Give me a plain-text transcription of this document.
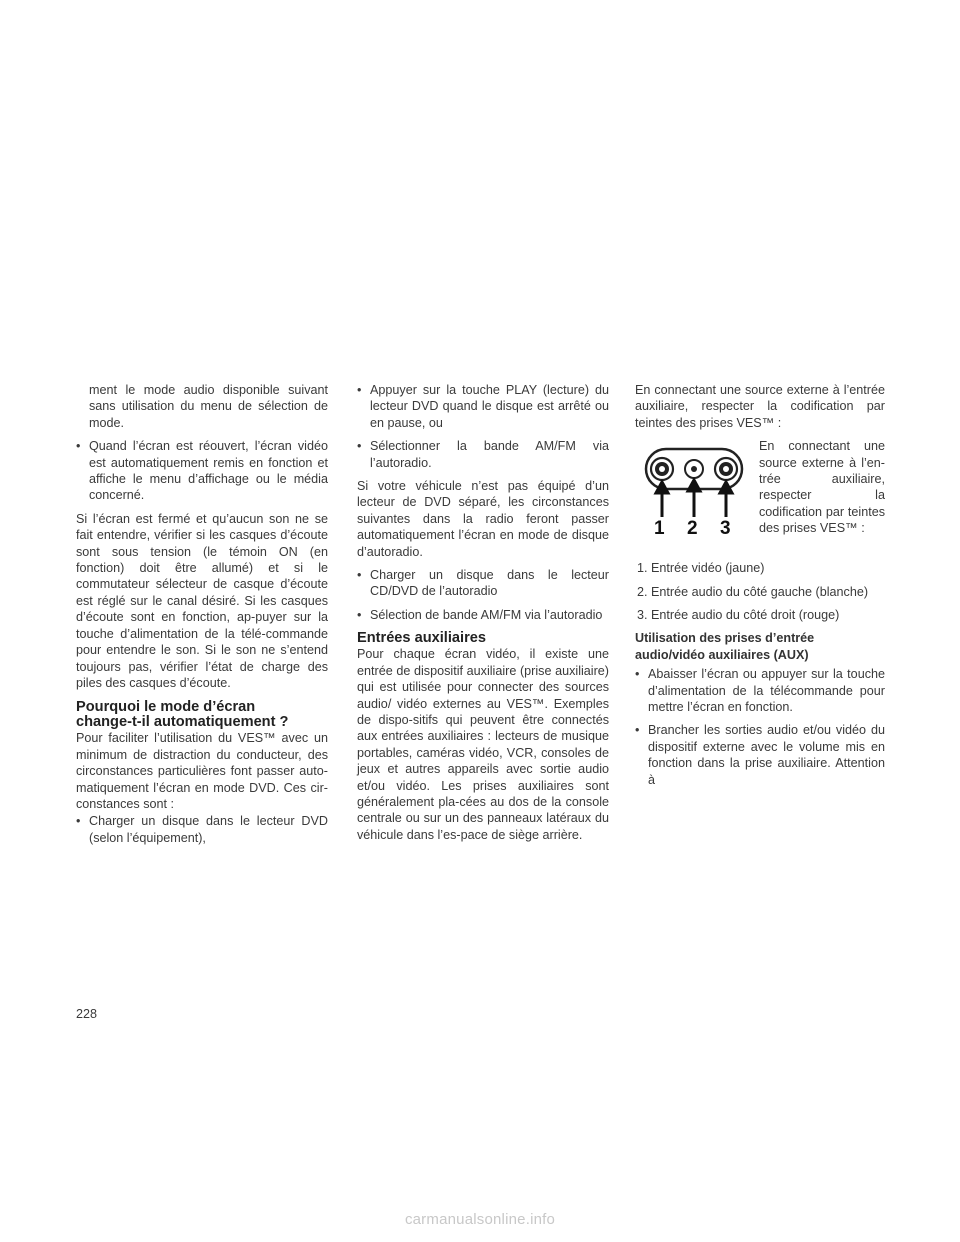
ment le mode audio disponible suivant sans utilisation du menu de sélection de mode.

• Quand l’écran est réouvert, l’écran vidéo est automatiquement remis en fonction et affiche le menu d’affichage ou le média concerné.

Si l’écran est fermé et qu’aucun son ne se fait entendre, vérifier si les casques d’écoute sont sous tension (le témoin ON (en fonction) doit être allumé) et si le commutateur sélecteur de casque d’écoute est réglé sur le canal désiré. Si les casques d’écoute sont en fonction, ap-puyer sur la touche d’alimentation de la télé-commande pour entendre le son. Si le son ne s’entend toujours pas, vérifier l’état de charge des piles des casques d’écoute.

Pourquoi le mode d’écran
change-t-il automatiquement ?

Pour faciliter l’utilisation du VES™ avec un minimum de distraction du conducteur, des circonstances particulières font passer auto-matiquement l’écran en mode DVD. Ces cir-constances sont :

• Charger un disque dans le lecteur DVD (selon l’équipement),
• Appuyer sur la touche PLAY (lecture) du lecteur DVD quand le disque est arrêté ou en pause, ou
• Sélectionner la bande AM/FM via l’autoradio.

Si votre véhicule n’est pas équipé d’un lecteur de DVD séparé, les circonstances suivantes dans la radio feront passer automatiquement l’écran en mode de disque d’autoradio.

• Charger un disque dans le lecteur CD/DVD de l’autoradio
• Sélection de bande AM/FM via l’autoradio
Entrées auxiliaires

Pour chaque écran vidéo, il existe une entrée de dispositif auxiliaire (prise auxiliaire) qui est utilisée pour connecter des sources audio/ vidéo externes au VES™. Exemples de dispo-sitifs qui peuvent être connectés aux entrées auxiliaires : lecteurs de musique portables, caméras vidéo, VCR, consoles de jeux et autres appareils avec sortie audio et/ou vidéo. Les prises auxiliaires sont généralement pla-cées au dos de la console centrale ou sur un des panneaux latéraux du véhicule dans l’es-pace de siège arrière.

En connectant une source externe à l’entrée auxiliaire, respecter la codification par teintes des prises VES™ :

1 2 3

En connectant une source externe à l’en-trée auxiliaire, respecter la codification par teintes des prises VES™ :

1. Entrée vidéo (jaune)

2. Entrée audio du côté gauche (blanche)

3. Entrée audio du côté droit (rouge)

Utilisation des prises d’entrée audio/vidéo auxiliaires (AUX)
• Abaisser l’écran ou appuyer sur la touche d’alimentation de la télécommande pour mettre l’écran en fonction.
• Brancher les sorties audio et/ou vidéo du dispositif externe avec le volume mis en fonction dans la prise auxiliaire. Attention à
228
carmanualsonline.info
